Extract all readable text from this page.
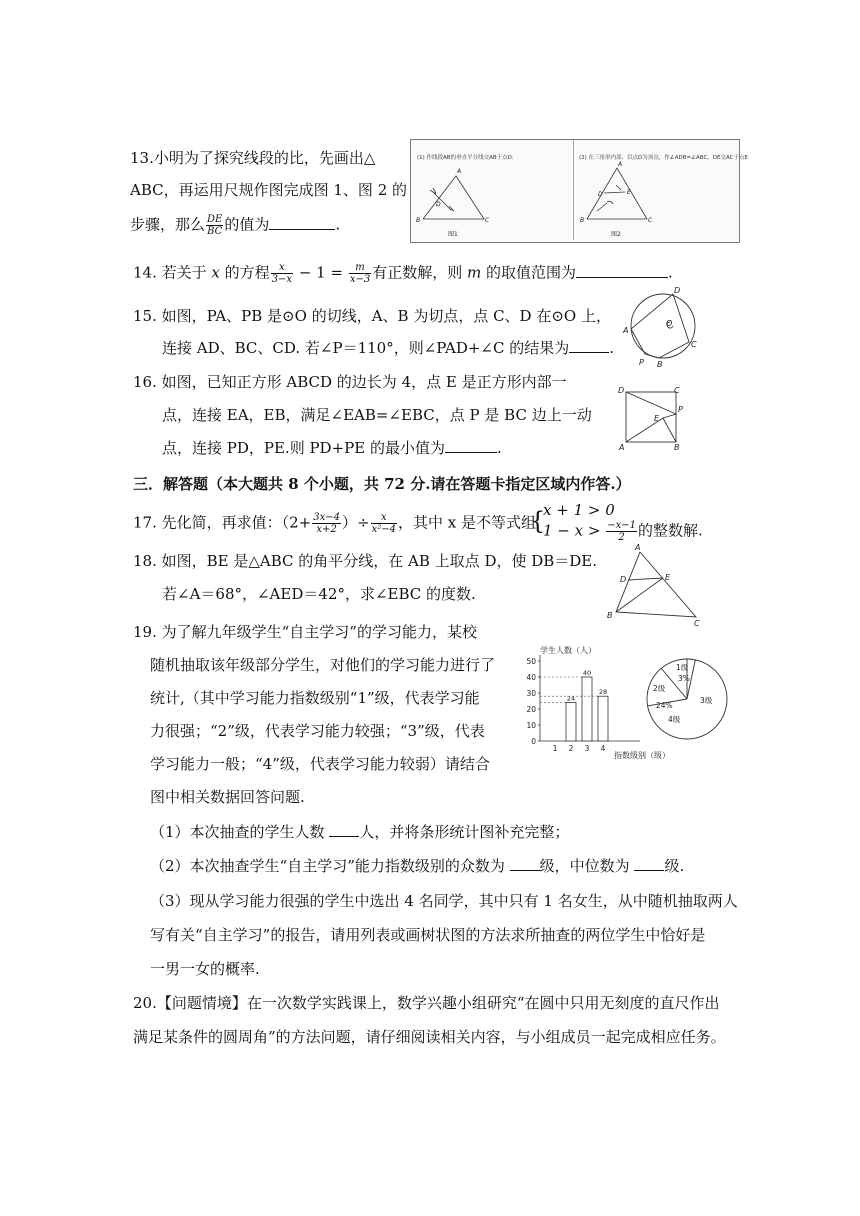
13.小明为了探究线段的比，先画出△
ABC，再运用尺规作图完成图 1、图 2 的
步骤，那么 $\frac{DE}{BC}$ 的值为	.
(1) 作线段AB的垂直平分线交AB于点D.	(2) 在三角形内部，以点D为顶点，作∠ADB=∠ABC，DE交AC于点E.
A
D
B	C
A
D	E
B	C
图1	图2
14. 若关于 x 的方程 $\frac{x}{3-x} - 1 = \frac{m}{x-3}$ 有正数解，则 m 的取值范围为	.
15. 如图，PA、PB 是⊙O 的切线，A、B 为切点，点 C、D 在⊙O 上，
连接 AD、BC、CD. 若∠P＝110°，则∠PAD+∠C 的结果为	.
D
A
O
C
P B
16. 如图，已知正方形 ABCD 的边长为 4，点 E 是正方形内部一
点，连接 EA，EB，满足∠EAB=∠EBC，点 P 是 BC 边上一动
点，连接 PD，PE.则 PD+PE 的最小值为	.
D	C
E
P
A	B
三．解答题（本大题共 8 个小题，共 72 分.请在答题卡指定区域内作答.）
17. 先化简，再求值：（$2+ \frac{3x-4}{x+2}$ ）÷ $\frac{x}{\text{x²−4}}$ ，其中 x 是不等式组
{
x + 1 > 0
$1 - x > \frac{-x-1}{2}$ 的整数解.
18. 如图，BE 是△ABC 的角平分线，在 AB 上取点 D，使 DB＝DE.
若∠A＝68°，∠AED＝42°，求∠EBC 的度数.
A
D	E
B
C
19. 为了解九年级学生“自主学习”的学习能力，某校
随机抽取该年级部分学生，对他们的学习能力进行了
统计,（其中学习能力指数级别“1”级，代表学习能
力很强；“2”级，代表学习能力较强；“3”级，代表
学习能力一般；“4”级，代表学习能力较弱）请结合
图中相关数据回答问题.
学生人数（人）
指数级别（级）
0
10
20
30
40
50
1 2
24
3
40
4
28
1级
3%
2级
3级
24%
4级
（1）本次抽查的学生人数 人，并将条形统计图补充完整；
（2）本次抽查学生“自主学习”能力指数级别的众数为 级，中位数为 级.
（3）现从学习能力很强的学生中选出 4 名同学，其中只有 1 名女生，从中随机抽取两人
写有关“自主学习”的报告，请用列表或画树状图的方法求所抽查的两位学生中恰好是
一男一女的概率.
20.【问题情境】在一次数学实践课上，数学兴趣小组研究“在圆中只用无刻度的直尺作出
满足某条件的圆周角”的方法问题，请仔细阅读相关内容，与小组成员一起完成相应任务。
